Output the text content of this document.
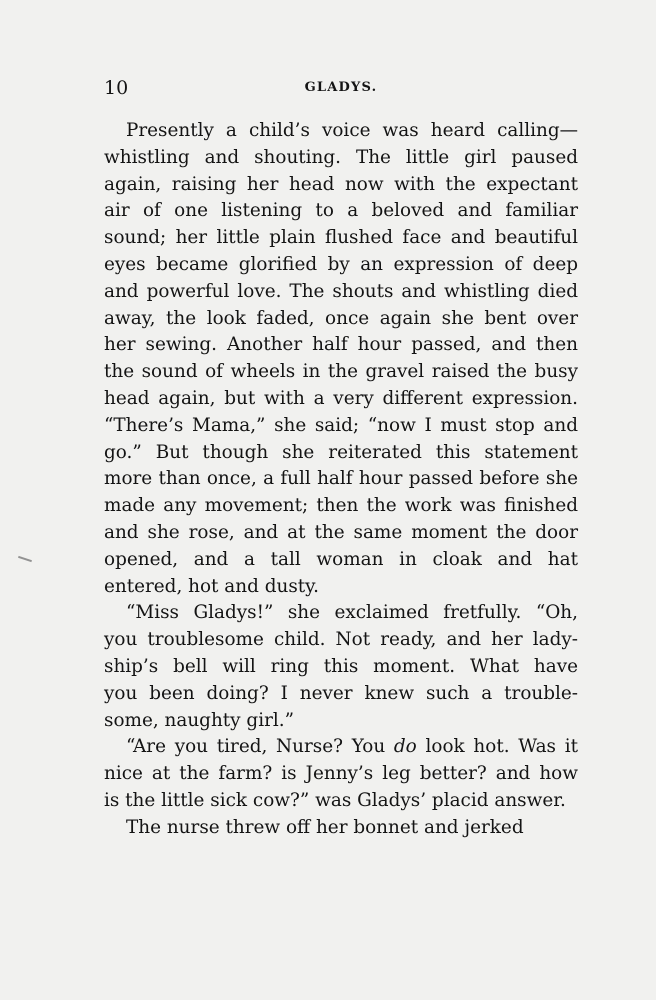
10	GLADYS.
Presently a child’s voice was heard calling—
whistling and shouting. The little girl paused
again, raising her head now with the expectant
air of one listening to a beloved and familiar
sound; her little plain flushed face and beautiful
eyes became glorified by an expression of deep
and powerful love. The shouts and whistling died
away, the look faded, once again she bent over
her sewing. Another half hour passed, and then
the sound of wheels in the gravel raised the busy
head again, but with a very different expression.
“There’s Mama,” she said; “now I must stop and
go.” But though she reiterated this statement
more than once, a full half hour passed before she
made any movement; then the work was finished
and she rose, and at the same moment the door
opened, and a tall woman in cloak and hat
entered, hot and dusty.
“Miss Gladys!” she exclaimed fretfully. “Oh,
you troublesome child. Not ready, and her lady-
ship’s bell will ring this moment. What have
you been doing? I never knew such a trouble-
some, naughty girl.”
“Are you tired, Nurse? You do look hot. Was it
nice at the farm? is Jenny’s leg better? and how
is the little sick cow?” was Gladys’ placid answer.
The nurse threw off her bonnet and jerked
